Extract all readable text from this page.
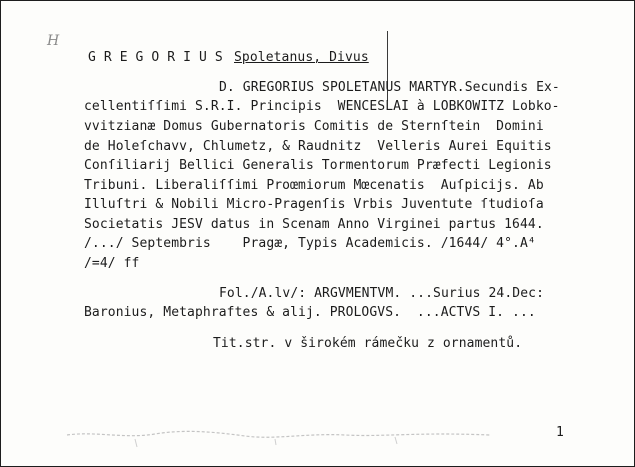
H
G R E G O R I U S Spoletanus, Divus
D. GREGORIUS SPOLETANUS MARTYR.Secundis Ex-
cellentiſſimi S.R.I. Principis  WENCESLAI à LOBKOWITZ Lobko-
vvitzianæ Domus Gubernatoris Comitis de Sternſtein  Domini
de Holeſchavv, Chlumetz, & Raudnitz  Velleris Aurei Equitis
Conſiliarij Bellici Generalis Tormentorum Præfecti Legionis
Tribuni. Liberaliſſimi Proœmiorum Mœcenatis  Auſpicijs. Ab
Illuſtri & Nobili Micro-Pragenſis Vrbis Juventute ſtudioſa
Societatis JESV datus in Scenam Anno Virginei partus 1644.
/.../ Septembris    Pragæ, Typis Academicis. /1644/ 4°.A⁴
/=4/ ff
Fol./A.lv/: ARGVMENTVM. ...Surius 24.Dec:
Baronius, Metaphraftes & alij. PROLOGVS.  ...ACTVS I. ...
Tit.str. v širokém rámečku z ornamentů.
1
